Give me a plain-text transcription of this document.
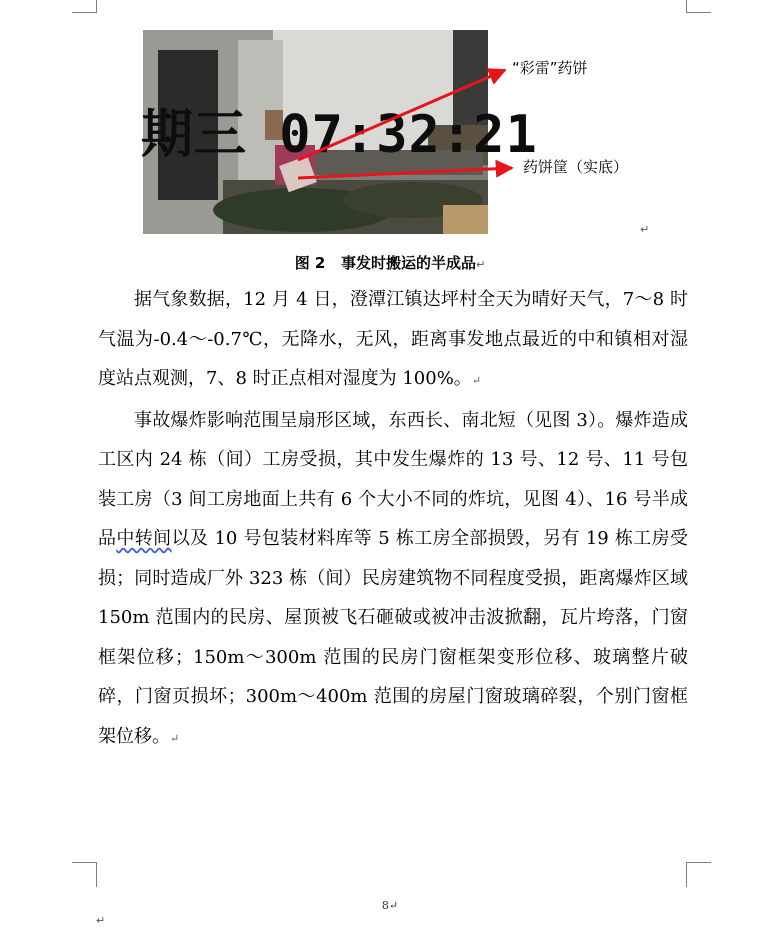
期三 07:32:21
“彩雷”药饼
药饼筐（实底）
↵
图 2 事发时搬运的半成品↵

据气象数据，12 月 4 日，澄潭江镇达坪村全天为晴好天气，7～8 时气温为-0.4～-0.7℃，无降水，无风，距离事发地点最近的中和镇相对湿度站点观测，7、8 时正点相对湿度为 100%。↵

事故爆炸影响范围呈扇形区域，东西长、南北短（见图 3）。爆炸造成工区内 24 栋（间）工房受损，其中发生爆炸的 13 号、12 号、11 号包装工房（3 间工房地面上共有 6 个大小不同的炸坑，见图 4）、16 号半成品中转间以及 10 号包装材料库等 5 栋工房全部损毁，另有 19 栋工房受损；同时造成厂外 323 栋（间）民房建筑物不同程度受损，距离爆炸区域 150m 范围内的民房、屋顶被飞石砸破或被冲击波掀翻，瓦片垮落，门窗框架位移；150m～300m 范围的民房门窗框架变形位移、玻璃整片破碎，门窗页损坏；300m～400m 范围的房屋门窗玻璃碎裂，个别门窗框架位移。↵

8↵
↵
